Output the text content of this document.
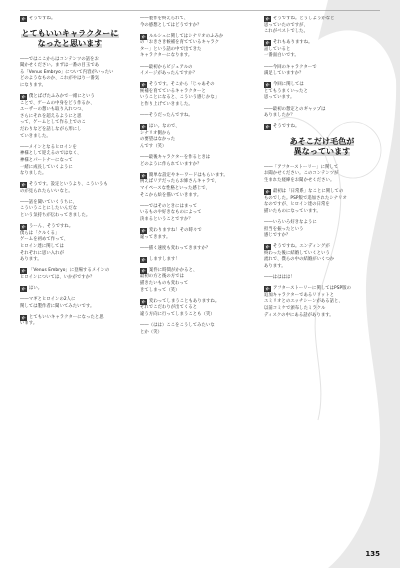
か そうですね。

とてもいいキャラクターに
なったと思います
――ではここからはコンテンツの話をお
聞かせください。まずは一番の目玉であ
る「Venus Embryo」について内容がいったい
どのようなものか、これがやはり一番気
になります。
か 僕とぱげたふみかで一緒にという

ことで、ゲームの中身をどう作るか、
ユーザーの想いも取り入れつつ、
さらにそれを超えるようにと思
って、ゲームとして作る上でのこ
だわりなどを話しながら形にし
ていきました。
――メインとなるヒロインを
神様として迎えるのではなく、
神様とパートナーになって
一緒に成長していくように
なりました。
か そうです。設定というより、こういうも

のが見られたらいいなと。
――話を聞いていくうちに、
こういうことにしたいんだな
という気持ちが伝わってきました。
か うーん、そうですね。

僕らは「クルくる」
ゲームを初めて作って、
ヒロイン達に関しては
それぞれに思い入れが
あります。
か 「Venus Embryo」に登場するメインの

ヒロインについては、いかがですか？
か はい。

――マギとヒロインの2人に
関しては製作者に聞いてみたいです。
か とてもいいキャラクターになったと思

います。
――製作を終えられて、
今の感想としてはどうですか？
か ルルシェに関してはシナリオのふみか

の「おきさき候補を育てているキャラク
ター」という話の中で出てきた
キャラクターになります。
――最初からビジュアルの
イメージがあったんですか？
か そうです。そこから「じゃあその

候補を育てているキャラクターと
いうことになると、こういう感じかな」
と作り上げていきました。
――そうだったんですね。
か はい。なので、

シナリオ側から
の要望はなかった
んです（笑）
――最後キャラクターを作るときは
どのように作られていますか？
か 簡単な設定やキーワードはもらいます。

例えばリアだったらお姉さんキャラで、
マイペースな性格といった感じで、
そこから絵を描いていきます。
――ではそのときにはまって
いるものや好きなものによって
決まるということですか？
か 変わりますね！その時々で

違ってきます。
――描く速度も変わってきますか？
か しますします！

か 案件に時間がかかると、

最初の方と後の方では
描きたいものも変わって
きてしまって（笑）
か 変わってしまうこともありますね。

それでこだわりが出てくると
違う方向に行ってしまうことも（笑）
――（はは）ここをこうしてみたいな
とか（笑）
か そうですね。どうしようかなと

思っていたのですが、
これがベストでした。
か それもありますね。

話していると
一番面白いです。
――今回のキャラクターで
満足していますか？
か 今回に関しては

とてもうまくいったと
思っています。
――最初の想定とのギャップは
ありましたか？
か そうですね。

あそこだけ毛色が
異なっています
――「アフターストーリー」に関して
お聞かせください。このコンテンツが
生まれた経緯をお聞かせください。
か 最初は「日常系」なことに関しての

ものでした。PSP版で追加されたシナリオ
なのですが、ヒロイン達の日常を
描いたものになっています。
――いろいろ好きなように
担当を振ったという
感じですか？
か そうですね。エンディングが

終わった後に結婚していくという
流れで、僕らの中の結婚がいくつか
あります。
――はははは！
か アフターストーリーに関してはPSP版の

追加キャラクターであるリリットと
エミリオとのエッチシーンがある話と、
以前コミケで頒布したミラクル
ディスクの中にある話があります。
135
